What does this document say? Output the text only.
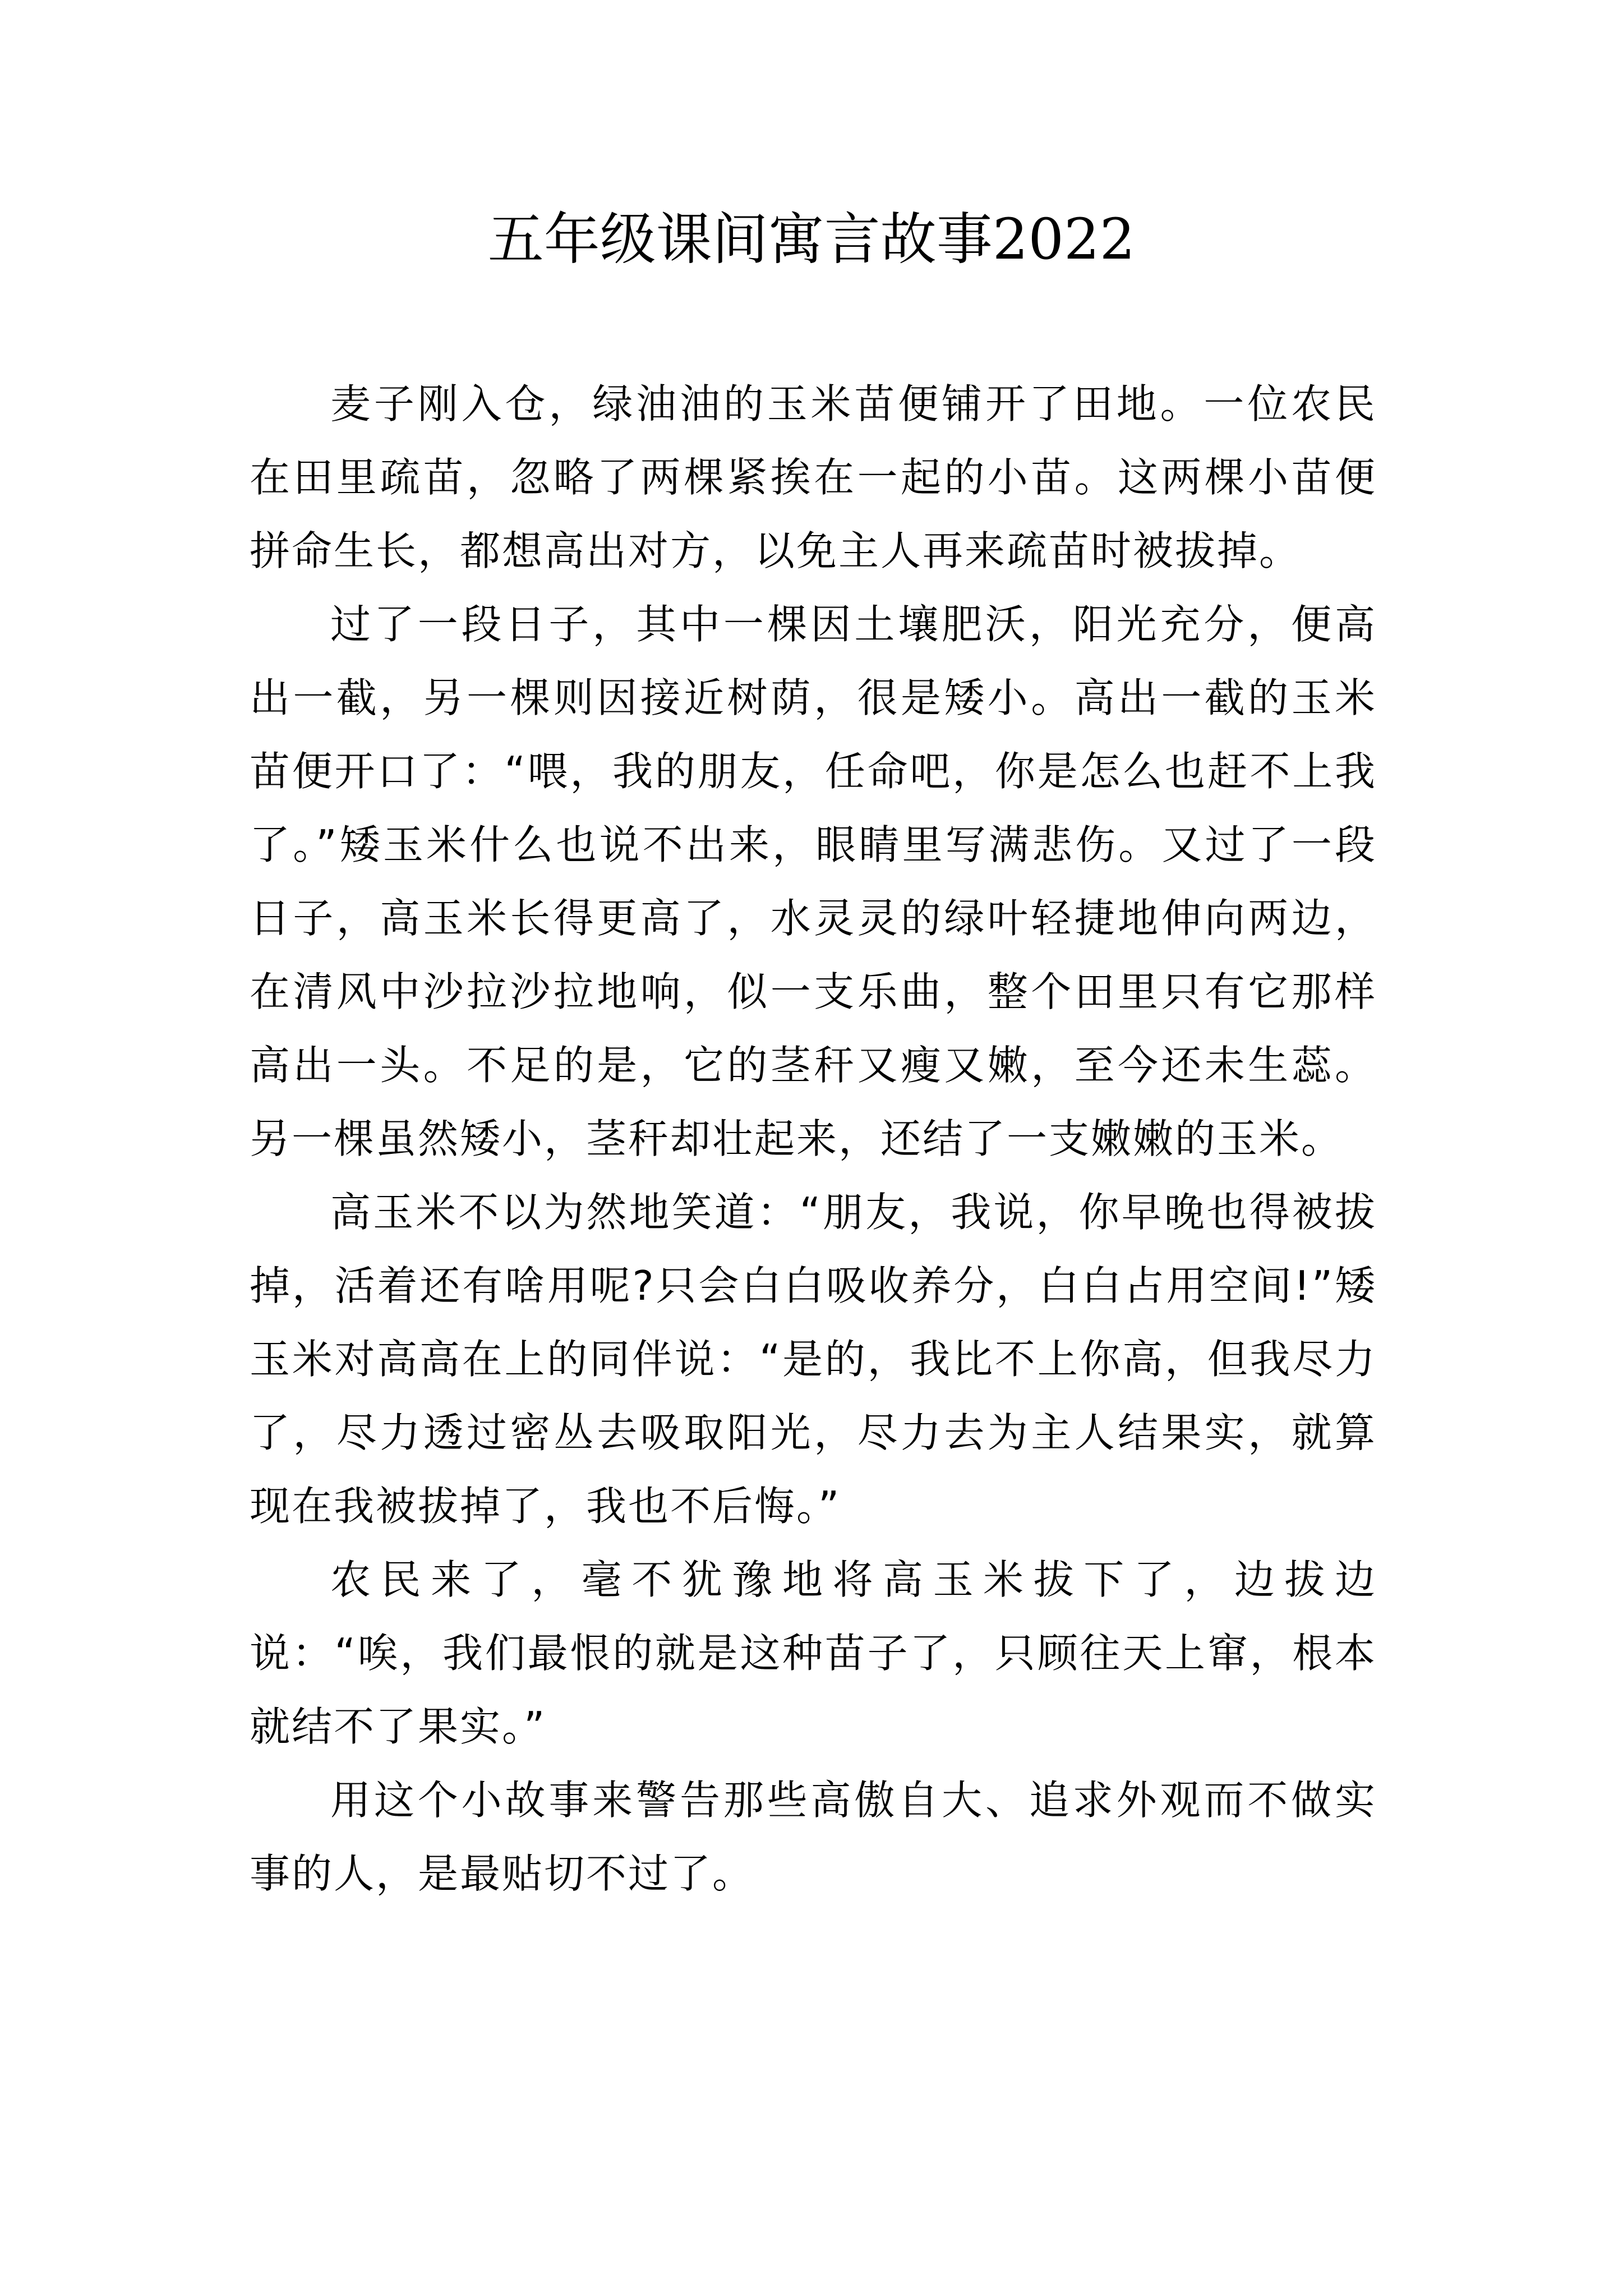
五年级课间寓言故事2022

麦子刚入仓，绿油油的玉米苗便铺开了田地。一位农民在田里疏苗，忽略了两棵紧挨在一起的小苗。这两棵小苗便拼命生长，都想高出对方，以免主人再来疏苗时被拔掉。

过了一段日子，其中一棵因土壤肥沃，阳光充分，便高出一截，另一棵则因接近树荫，很是矮小。高出一截的玉米苗便开口了：“喂，我的朋友，任命吧，你是怎么也赶不上我了。”矮玉米什么也说不出来，眼睛里写满悲伤。又过了一段日子，高玉米长得更高了，水灵灵的绿叶轻捷地伸向两边，在清风中沙拉沙拉地响，似一支乐曲，整个田里只有它那样高出一头。不足的是，它的茎秆又瘦又嫩，至今还未生蕊。另一棵虽然矮小，茎秆却壮起来，还结了一支嫩嫩的玉米。

高玉米不以为然地笑道：“朋友，我说，你早晚也得被拔掉，活着还有啥用呢?只会白白吸收养分，白白占用空间!”矮玉米对高高在上的同伴说：“是的，我比不上你高，但我尽力了，尽力透过密丛去吸取阳光，尽力去为主人结果实，就算现在我被拔掉了，我也不后悔。”

农民来了，毫不犹豫地将高玉米拔下了，边拔边说：“唉，我们最恨的就是这种苗子了，只顾往天上窜，根本就结不了果实。”

用这个小故事来警告那些高傲自大、追求外观而不做实事的人，是最贴切不过了。
